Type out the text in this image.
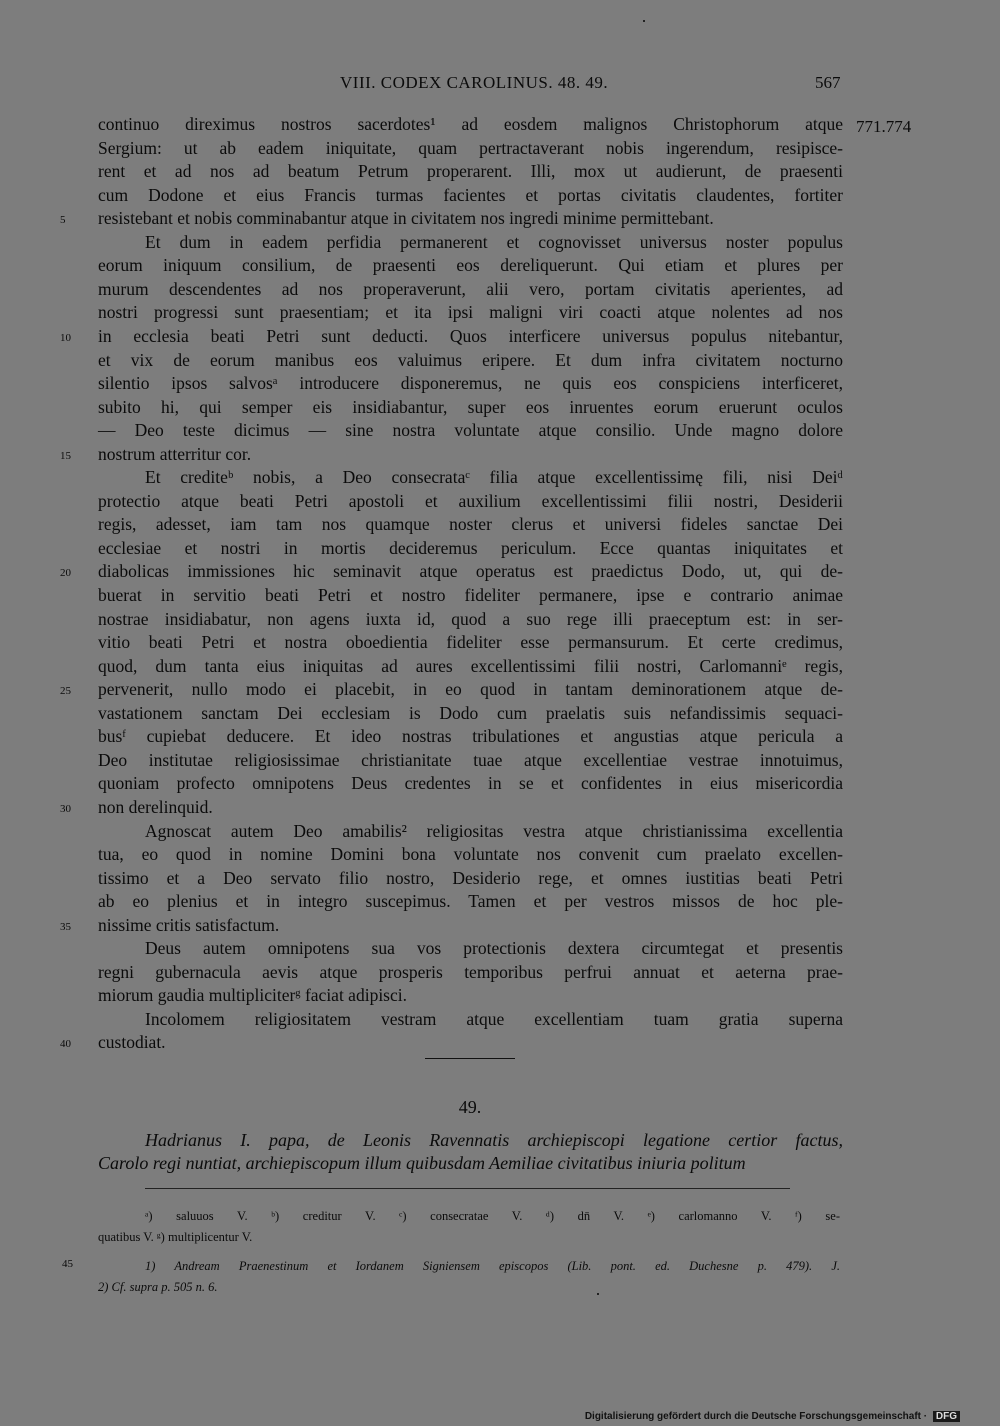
VIII. CODEX CAROLINUS. 48. 49.	567
771.774
continuo direximus nostros sacerdotes¹ ad eosdem malignos Christophorum atque
Sergium: ut ab eadem iniquitate, quam pertractaverant nobis ingerendum, resipisce-
rent et ad nos ad beatum Petrum properarent. Illi, mox ut audierunt, de praesenti
cum Dodone et eius Francis turmas facientes et portas civitatis claudentes, fortiter
resistebant et nobis comminabantur atque in civitatem nos ingredi minime permittebant.
Et dum in eadem perfidia permanerent et cognovisset universus noster populus
eorum iniquum consilium, de praesenti eos dereliquerunt. Qui etiam et plures per
murum descendentes ad nos properaverunt, alii vero, portam civitatis aperientes, ad
nostri progressi sunt praesentiam; et ita ipsi maligni viri coacti atque nolentes ad nos
in ecclesia beati Petri sunt deducti. Quos interficere universus populus nitebantur,
et vix de eorum manibus eos valuimus eripere. Et dum infra civitatem nocturno
silentio ipsos salvosᵃ introducere disponeremus, ne quis eos conspiciens interficeret,
subito hi, qui semper eis insidiabantur, super eos inruentes eorum eruerunt oculos
— Deo teste dicimus — sine nostra voluntate atque consilio. Unde magno dolore
nostrum atterritur cor.
Et crediteᵇ nobis, a Deo consecrataᶜ filia atque excellentissimę fili, nisi Deiᵈ
protectio atque beati Petri apostoli et auxilium excellentissimi filii nostri, Desiderii
regis, adesset, iam tam nos quamque noster clerus et universi fideles sanctae Dei
ecclesiae et nostri in mortis decideremus periculum. Ecce quantas iniquitates et
diabolicas immissiones hic seminavit atque operatus est praedictus Dodo, ut, qui de-
buerat in servitio beati Petri et nostro fideliter permanere, ipse e contrario animae
nostrae insidiabatur, non agens iuxta id, quod a suo rege illi praeceptum est: in ser-
vitio beati Petri et nostra oboedientia fideliter esse permansurum. Et certe credimus,
quod, dum tanta eius iniquitas ad aures excellentissimi filii nostri, Carlomanniᵉ regis,
pervenerit, nullo modo ei placebit, in eo quod in tantam deminorationem atque de-
vastationem sanctam Dei ecclesiam is Dodo cum praelatis suis nefandissimis sequaci-
busᶠ cupiebat deducere. Et ideo nostras tribulationes et angustias atque pericula a
Deo institutae religiosissimae christianitate tuae atque excellentiae vestrae innotuimus,
quoniam profecto omnipotens Deus credentes in se et confidentes in eius misericordia
non derelinquid.
Agnoscat autem Deo amabilis² religiositas vestra atque christianissima excellentia
tua, eo quod in nomine Domini bona voluntate nos convenit cum praelato excellen-
tissimo et a Deo servato filio nostro, Desiderio rege, et omnes iustitias beati Petri
ab eo plenius et in integro suscepimus. Tamen et per vestros missos de hoc ple-
nissime critis satisfactum.
Deus autem omnipotens sua vos protectionis dextera circumtegat et presentis
regni gubernacula aevis atque prosperis temporibus perfrui annuat et aeterna prae-
miorum gaudia multipliciterᵍ faciat adipisci.
Incolomem religiositatem vestram atque excellentiam tuam gratia superna
custodiat.
5
10
15
20
25
30
35
40
49.
Hadrianus I. papa, de Leonis Ravennatis archiepiscopi legatione certior factus,
Carolo regi nuntiat, archiepiscopum illum quibusdam Aemiliae civitatibus iniuria politum
ᵃ) saluuos V. ᵇ) creditur V. ᶜ) consecratae V. ᵈ) dn̄ V. ᵉ) carlomanno V. ᶠ) se-
quatibus V. ᵍ) multiplicentur V.
45	1) Andream Praenestinum et Iordanem Signiensem episcopos (Lib. pont. ed. Duchesne p. 479). J.
2) Cf. supra p. 505 n. 6.
Digitalisierung gefördert durch die Deutsche Forschungsgemeinschaft · DFG
